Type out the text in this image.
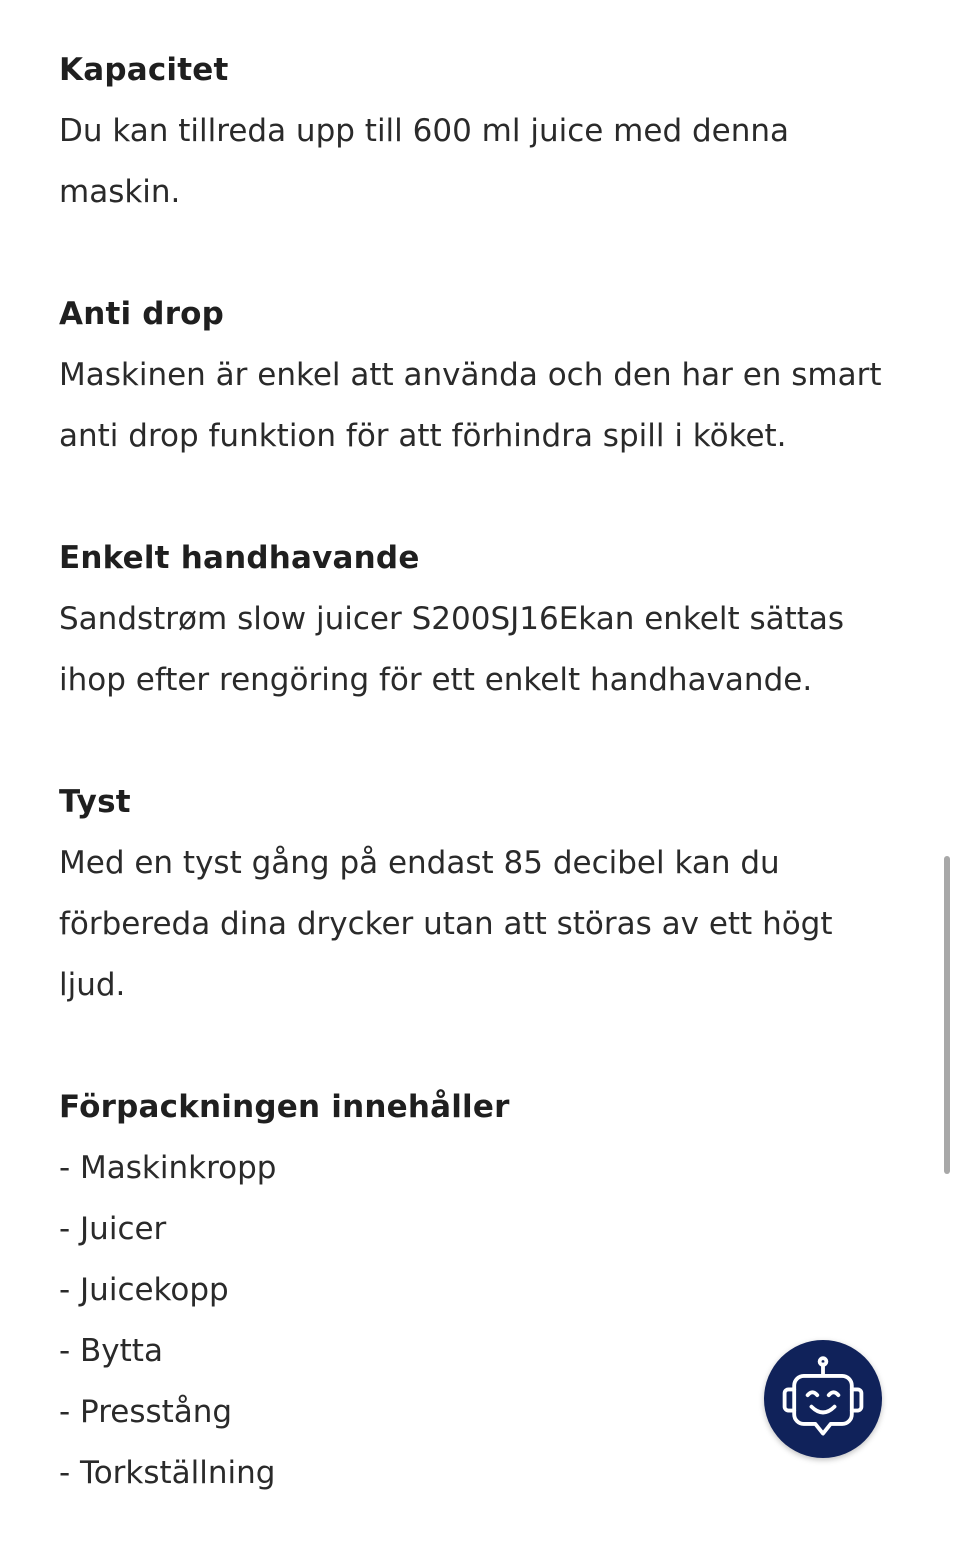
Kapacitet

Du kan tillreda upp till 600 ml juice med denna

maskin.

Anti drop

Maskinen är enkel att använda och den har en smart

anti drop funktion för att förhindra spill i köket.

Enkelt handhavande

Sandstrøm slow juicer S200SJ16Ekan enkelt sättas

ihop efter rengöring för ett enkelt handhavande.

Tyst

Med en tyst gång på endast 85 decibel kan du

förbereda dina drycker utan att störas av ett högt

ljud.

Förpackningen innehåller
- Maskinkropp
- Juicer
- Juicekopp
- Bytta
- Presstång
- Torkställning
